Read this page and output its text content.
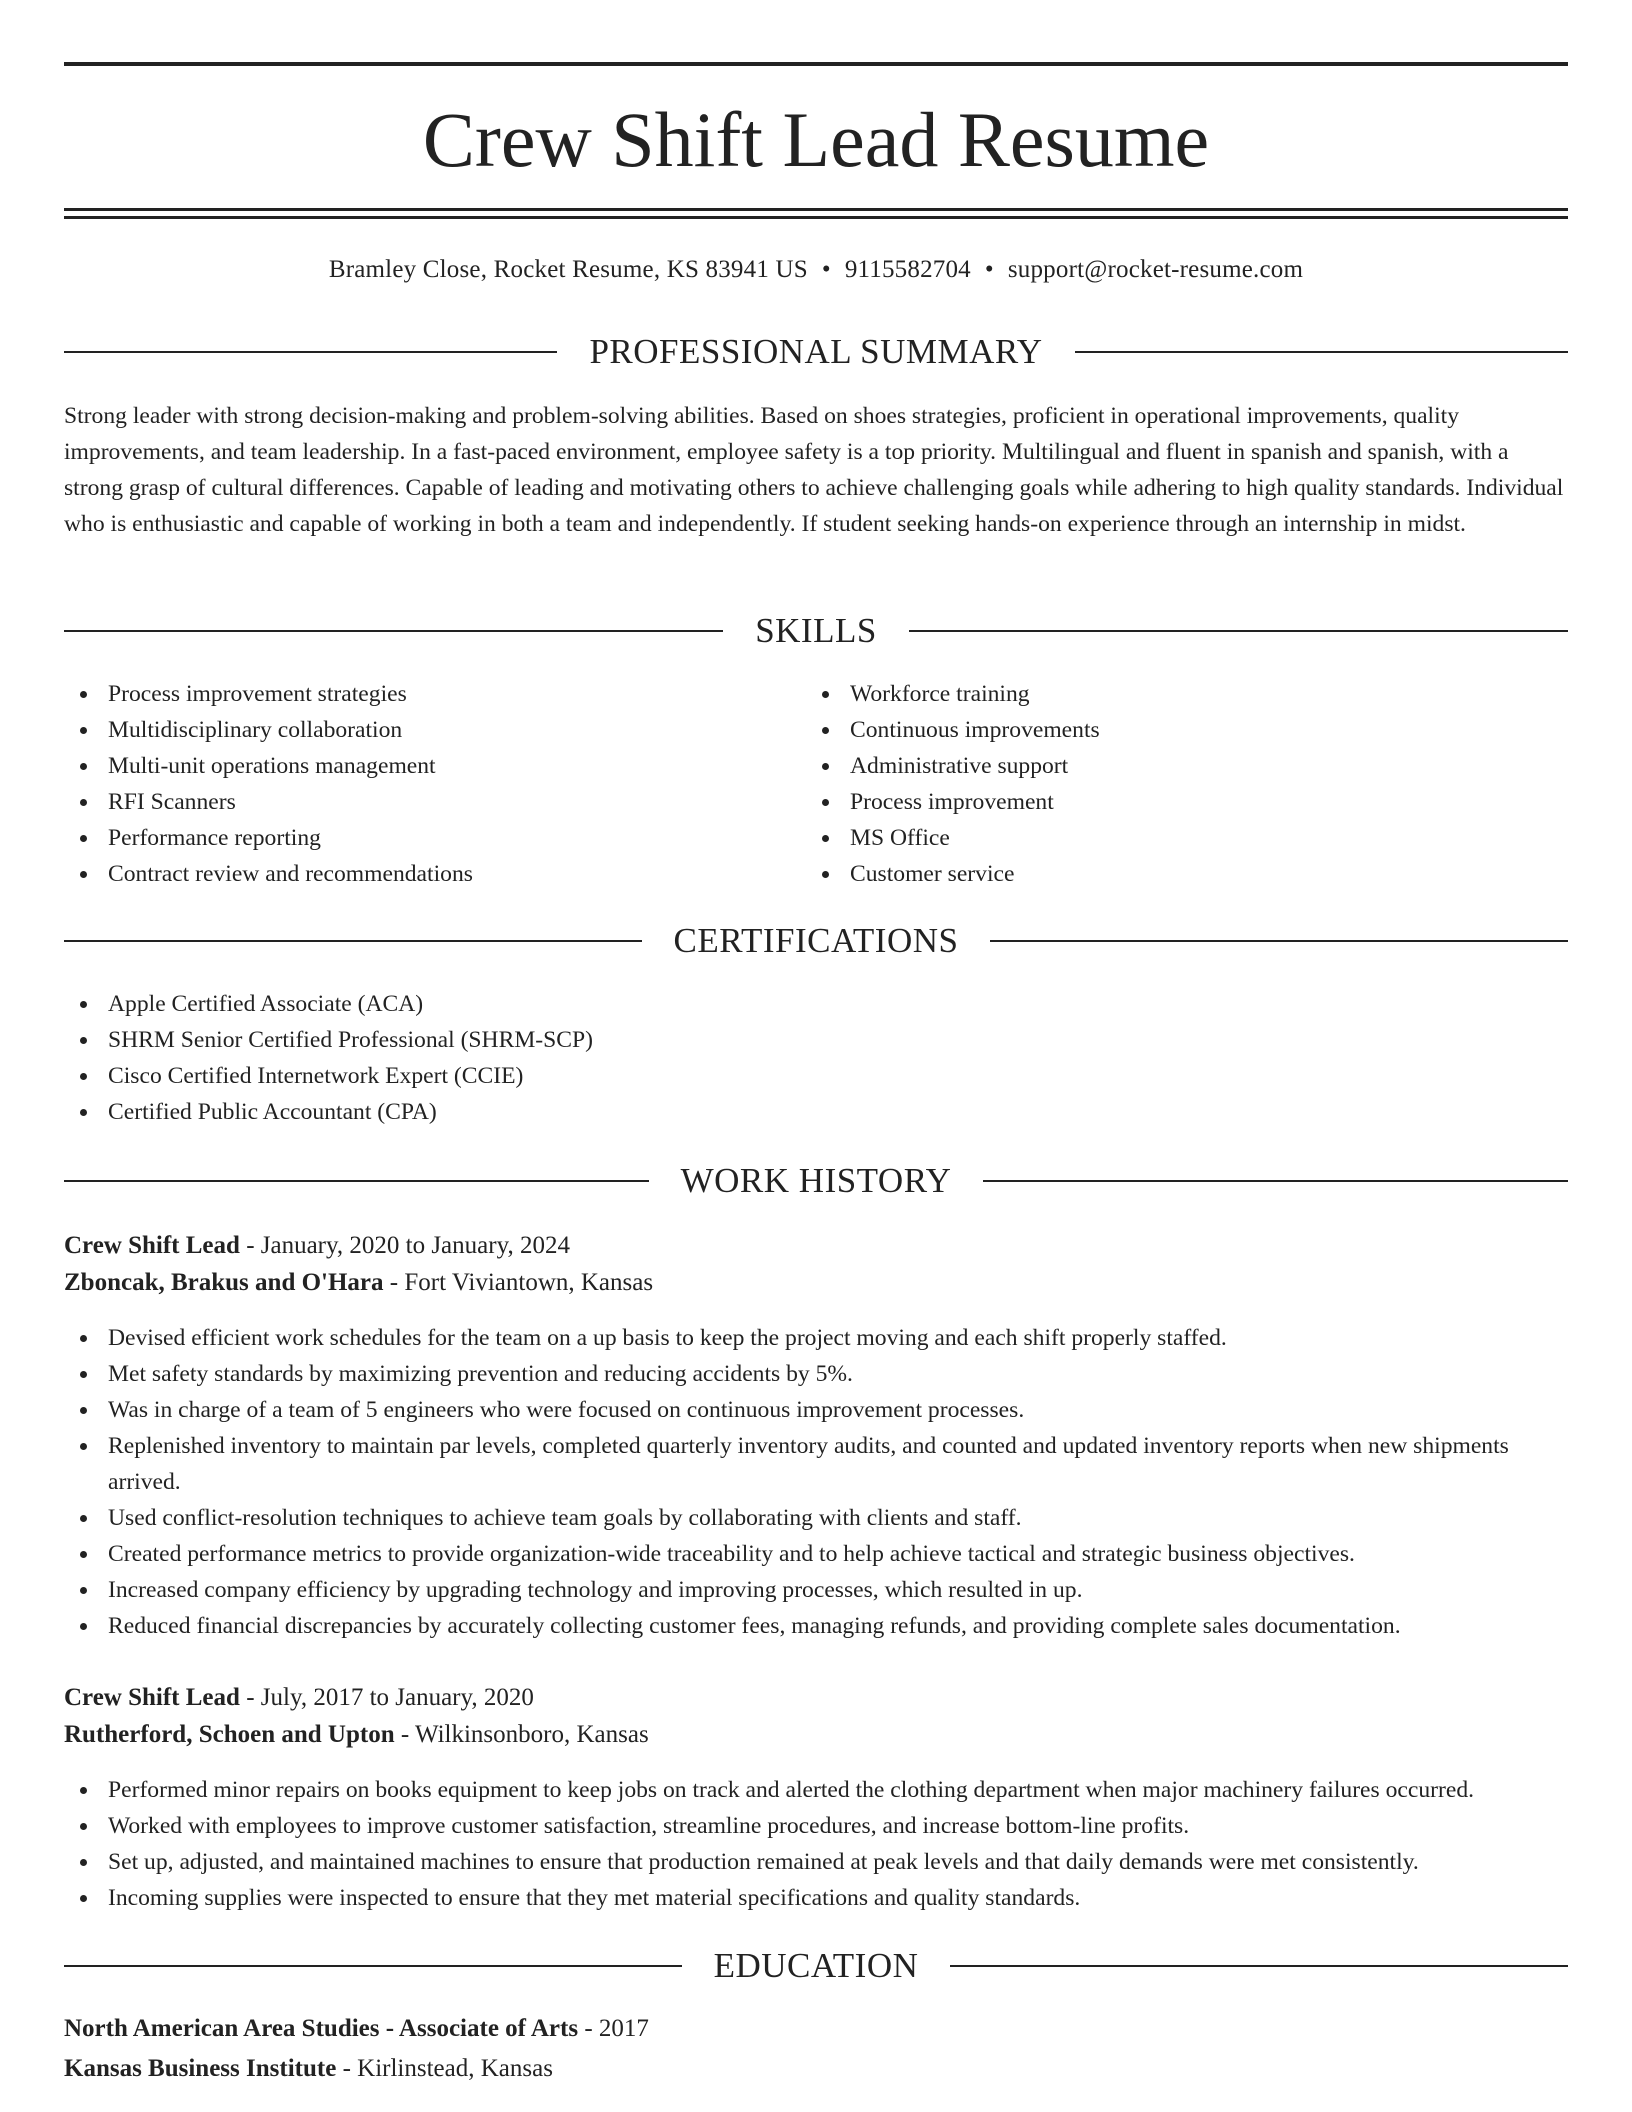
Crew Shift Lead Resume
Bramley Close, Rocket Resume, KS 83941 US • 9115582704 • support@rocket-resume.com
PROFESSIONAL SUMMARY
Strong leader with strong decision-making and problem-solving abilities. Based on shoes strategies, proficient in operational improvements, quality improvements, and team leadership. In a fast-paced environment, employee safety is a top priority. Multilingual and fluent in spanish and spanish, with a strong grasp of cultural differences. Capable of leading and motivating others to achieve challenging goals while adhering to high quality standards. Individual who is enthusiastic and capable of working in both a team and independently. If student seeking hands-on experience through an internship in midst.
SKILLS
Process improvement strategies
Multidisciplinary collaboration
Multi-unit operations management
RFI Scanners
Performance reporting
Contract review and recommendations
Workforce training
Continuous improvements
Administrative support
Process improvement
MS Office
Customer service
CERTIFICATIONS
Apple Certified Associate (ACA)
SHRM Senior Certified Professional (SHRM-SCP)
Cisco Certified Internetwork Expert (CCIE)
Certified Public Accountant (CPA)
WORK HISTORY
Crew Shift Lead - January, 2020 to January, 2024
Zboncak, Brakus and O'Hara - Fort Viviantown, Kansas
Devised efficient work schedules for the team on a up basis to keep the project moving and each shift properly staffed.
Met safety standards by maximizing prevention and reducing accidents by 5%.
Was in charge of a team of 5 engineers who were focused on continuous improvement processes.
Replenished inventory to maintain par levels, completed quarterly inventory audits, and counted and updated inventory reports when new shipments arrived.
Used conflict-resolution techniques to achieve team goals by collaborating with clients and staff.
Created performance metrics to provide organization-wide traceability and to help achieve tactical and strategic business objectives.
Increased company efficiency by upgrading technology and improving processes, which resulted in up.
Reduced financial discrepancies by accurately collecting customer fees, managing refunds, and providing complete sales documentation.
Crew Shift Lead - July, 2017 to January, 2020
Rutherford, Schoen and Upton - Wilkinsonboro, Kansas
Performed minor repairs on books equipment to keep jobs on track and alerted the clothing department when major machinery failures occurred.
Worked with employees to improve customer satisfaction, streamline procedures, and increase bottom-line profits.
Set up, adjusted, and maintained machines to ensure that production remained at peak levels and that daily demands were met consistently.
Incoming supplies were inspected to ensure that they met material specifications and quality standards.
EDUCATION
North American Area Studies - Associate of Arts - 2017
Kansas Business Institute - Kirlinstead, Kansas
